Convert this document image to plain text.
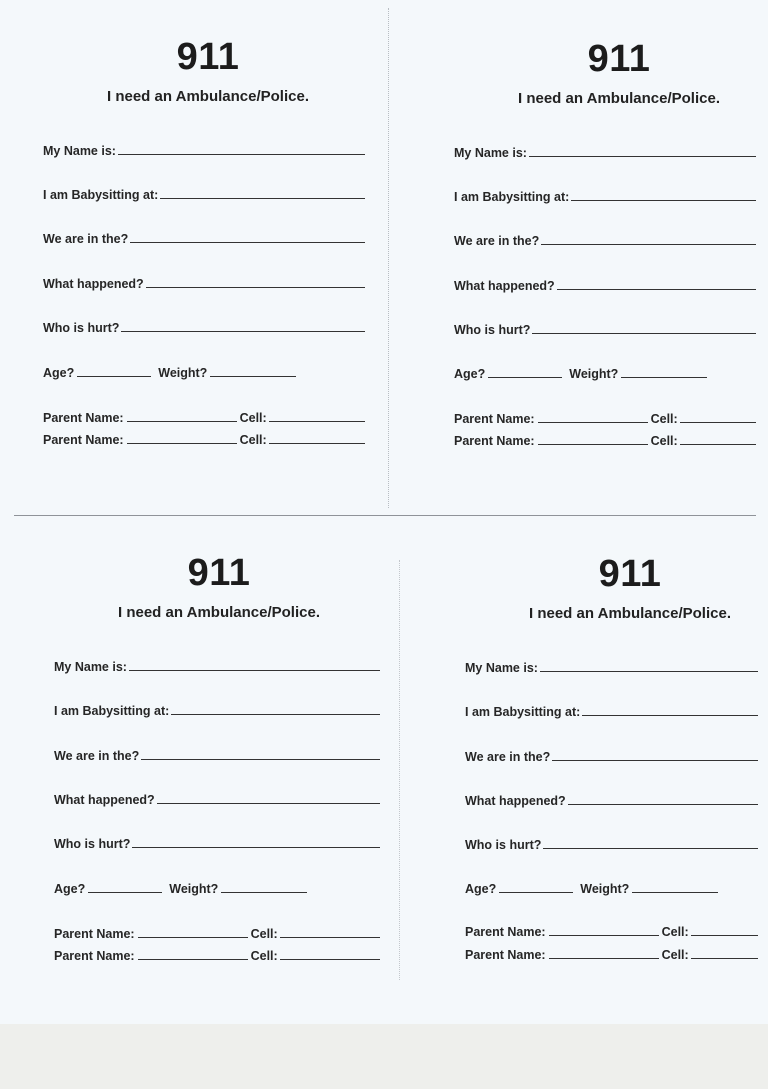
911
I need an Ambulance/Police.
My Name is:
I am Babysitting at:
We are in the?
What happened?
Who is hurt?
Age?	Weight?
Parent Name:	Cell:
Parent Name:	Cell:
911
I need an Ambulance/Police.
My Name is:
I am Babysitting at:
We are in the?
What happened?
Who is hurt?
Age?	Weight?
Parent Name:	Cell:
Parent Name:	Cell:
911
I need an Ambulance/Police.
My Name is:
I am Babysitting at:
We are in the?
What happened?
Who is hurt?
Age?	Weight?
Parent Name:	Cell:
Parent Name:	Cell:
911
I need an Ambulance/Police.
My Name is:
I am Babysitting at:
We are in the?
What happened?
Who is hurt?
Age?	Weight?
Parent Name:	Cell:
Parent Name:	Cell:
